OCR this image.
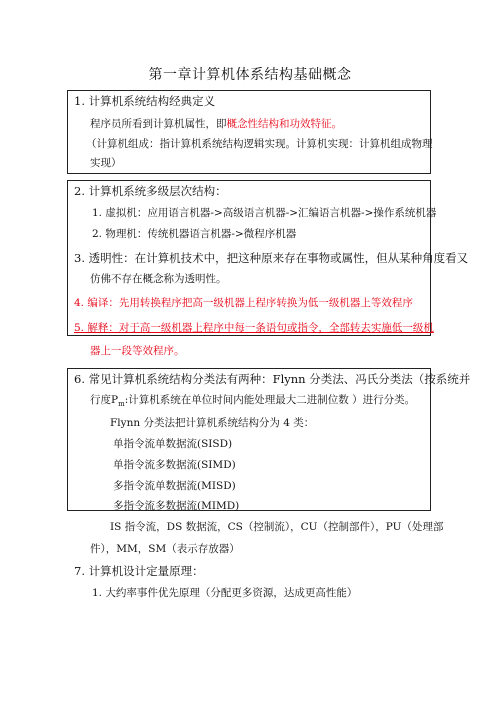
第一章计算机体系结构基础概念
1. 计算机系统结构经典定义
程序员所看到计算机属性，即概念性结构和功效特征。
（计算机组成：指计算机系统结构逻辑实现。计算机实现：计算机组成物理
实现）
2. 计算机系统多级层次结构：
1. 虚拟机：应用语言机器->高级语言机器->汇编语言机器->操作系统机器
2. 物理机：传统机器语言机器->微程序机器
3. 透明性：在计算机技术中，把这种原来存在事物或属性，但从某种角度看又
仿佛不存在概念称为透明性。
4. 编译：先用转换程序把高一级机器上程序转换为低一级机器上等效程序
5. 解释：对于高一级机器上程序中每一条语句或指令，全部转去实施低一级机
器上一段等效程序。
6. 常见计算机系统结构分类法有两种：Flynn 分类法、冯氏分类法（按系统并
行度$P_m$:计算机系统在单位时间内能处理最大二进制位数 ）进行分类。
Flynn 分类法把计算机系统结构分为 4 类：
单指令流单数据流(SISD)
单指令流多数据流(SIMD)
多指令流单数据流(MISD)
多指令流多数据流(MIMD)
IS 指令流，DS 数据流，CS（控制流），CU（控制部件），PU（处理部
件），MM，SM（表示存放器）
7. 计算机设计定量原理：
1. 大约率事件优先原理（分配更多资源，达成更高性能）
